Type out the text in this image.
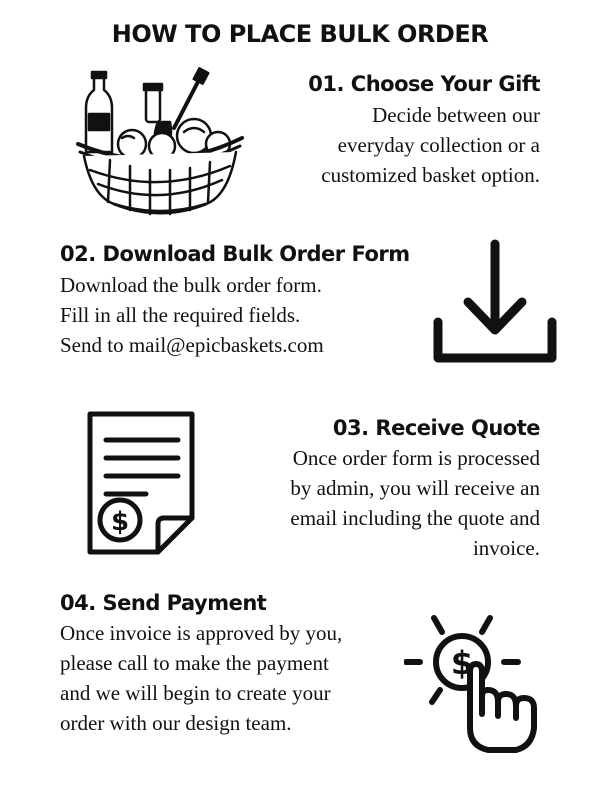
HOW TO PLACE BULK ORDER
01. Choose Your Gift

Decide between our
everyday collection or a
customized basket option.

02. Download Bulk Order Form

Download the bulk order form.
Fill in all the required fields.
Send to mail@epicbaskets.com

$
03. Receive Quote

Once order form is processed
by admin, you will receive an
email including the quote and
invoice.

04. Send Payment

Once invoice is approved by you,
please call to make the payment
and we will begin to create your
order with our design team.

$
